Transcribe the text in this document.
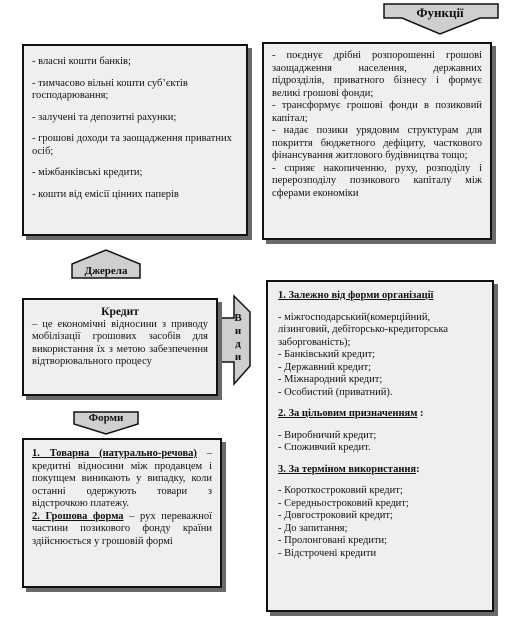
Функції
Джерела
Форми
В
и
д
и
- власні кошти банків;
- тимчасово вільні кошти суб’єктів господарювання;
- залучені та депозитні рахунки;
- грошові доходи та заощадження приватних осіб;
- міжбанківські кредити;
- кошти від емісії цінних паперів
- поєднує дрібні розпорошенні грошові заощадження населення, державних підрозділів, приватного бізнесу і формує великі грошові фонди;
- трансформує грошові фонди в позиковий капітал;
- надає позики урядовим структурам для покриття бюджетного дефіциту, часткового фінансування житлового будівництва тощо;
- сприяє накопиченню, руху, розподілу і перерозподілу позикового капіталу між сферами економіки
Кредит
– це економічні відносини з приводу мобілізації грошових засобів для використання їх з метою забезпечення відтворювального процесу
1. Товарна (натурально-речова) – кредитні відносини між продавцем і покупцем виникають у випадку, коли останні одержують товари з відстрочкою платежу.
2. Грошова форма – рух переважної частини позикового фонду країни здійснюється у грошовій формі
1. Залежно від форми організації
- міжгосподарський(комерційний, лізинговий, дебіторсько-кредиторська заборгованість);
- Банківський кредит;
- Державний кредит;
- Міжнародний кредит;
- Особистий (приватний).
2. За цільовим призначенням :
- Виробничий кредит;
- Споживчий кредит.
3. За терміном використання:
- Короткостроковий кредит;
- Середньостроковий кредит;
- Довгостроковий кредит;
- До запитання;
- Пролонговані кредити;
- Відстрочені кредити
